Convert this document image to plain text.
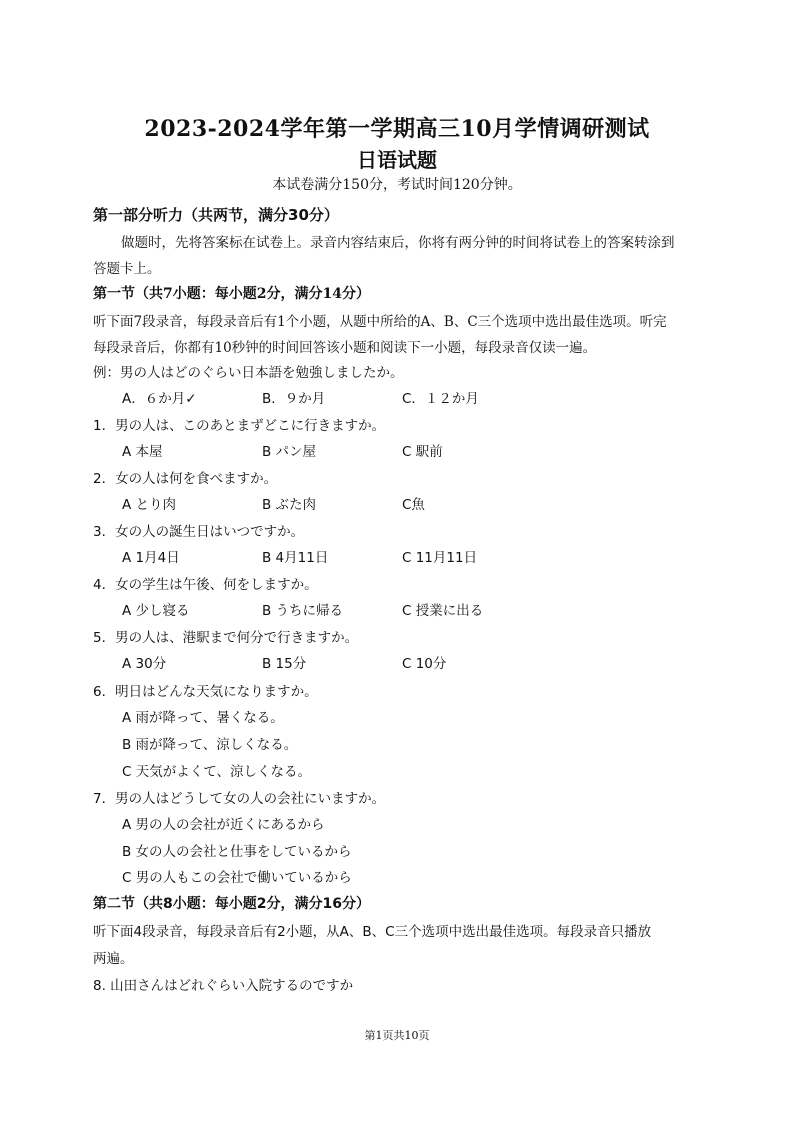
2023-2024学年第一学期高三10月学情调研测试
日语试题
本试卷满分150分，考试时间120分钟。
第一部分听力（共两节，满分30分）
做题时，先将答案标在试卷上。录音内容结束后，你将有两分钟的时间将试卷上的答案转涂到
答题卡上。
第一节（共7小题：每小题2分，满分14分）
听下面7段录音，每段录音后有1个小题，从题中所给的A、B、C三个选项中选出最佳选项。听完
每段录音后，你都有10秒钟的时间回答该小题和阅读下一小题，每段录音仅读一遍。
例：男の人はどのぐらい日本語を勉強しましたか。
A．６か月✓	B．９か月	C．１２か月
1．男の人は、このあとまずどこに行きますか。
A 本屋	B パン屋	C 駅前
2．女の人は何を食べますか。
A とり肉	B ぶた肉	C魚
3．女の人の誕生日はいつですか。
A 1月4日	B 4月11日	C 11月11日
4．女の学生は午後、何をしますか。
A 少し寝る	B うちに帰る	C 授業に出る
5．男の人は、港駅まで何分で行きますか。
A 30分	B 15分	C 10分
6．明日はどんな天気になりますか。
A 雨が降って、暑くなる。
B 雨が降って、涼しくなる。
C 天気がよくて、涼しくなる。
7．男の人はどうして女の人の会社にいますか。
A 男の人の会社が近くにあるから
B 女の人の会社と仕事をしているから
C 男の人もこの会社で働いているから
第二节（共8小题：每小题2分，满分16分）
听下面4段录音，每段录音后有2小题，从A、B、C三个选项中选出最佳选项。每段录音只播放
两遍。
8. 山田さんはどれぐらい入院するのですか
第1页共10页
